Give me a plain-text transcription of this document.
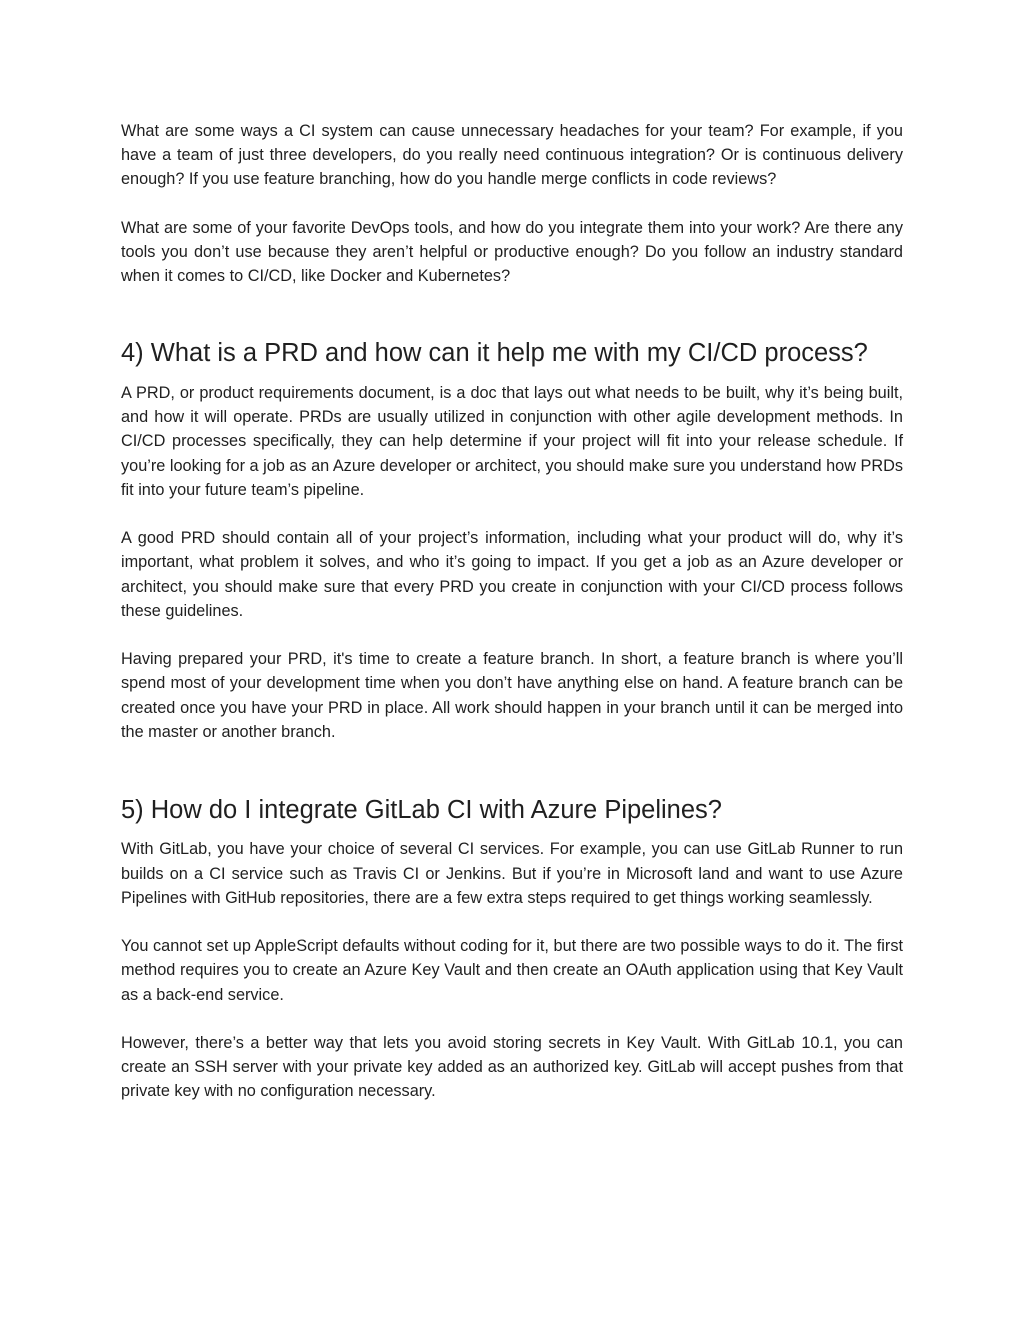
What are some ways a CI system can cause unnecessary headaches for your team? For example, if you have a team of just three developers, do you really need continuous integration? Or is continuous delivery enough? If you use feature branching, how do you handle merge conflicts in code reviews?

What are some of your favorite DevOps tools, and how do you integrate them into your work? Are there any tools you don’t use because they aren’t helpful or productive enough? Do you follow an industry standard when it comes to CI/CD, like Docker and Kubernetes?

4) What is a PRD and how can it help me with my CI/CD process?

A PRD, or product requirements document, is a doc that lays out what needs to be built, why it’s being built, and how it will operate. PRDs are usually utilized in conjunction with other agile development methods. In CI/CD processes specifically, they can help determine if your project will fit into your release schedule. If you’re looking for a job as an Azure developer or architect, you should make sure you understand how PRDs fit into your future team’s pipeline.

A good PRD should contain all of your project’s information, including what your product will do, why it’s important, what problem it solves, and who it’s going to impact. If you get a job as an Azure developer or architect, you should make sure that every PRD you create in conjunction with your CI/CD process follows these guidelines.

Having prepared your PRD, it's time to create a feature branch. In short, a feature branch is where you’ll spend most of your development time when you don’t have anything else on hand. A feature branch can be created once you have your PRD in place. All work should happen in your branch until it can be merged into the master or another branch.

5) How do I integrate GitLab CI with Azure Pipelines?

With GitLab, you have your choice of several CI services. For example, you can use GitLab Runner to run builds on a CI service such as Travis CI or Jenkins. But if you’re in Microsoft land and want to use Azure Pipelines with GitHub repositories, there are a few extra steps required to get things working seamlessly.

You cannot set up AppleScript defaults without coding for it, but there are two possible ways to do it. The first method requires you to create an Azure Key Vault and then create an OAuth application using that Key Vault as a back-end service.

However, there’s a better way that lets you avoid storing secrets in Key Vault. With GitLab 10.1, you can create an SSH server with your private key added as an authorized key. GitLab will accept pushes from that private key with no configuration necessary.
